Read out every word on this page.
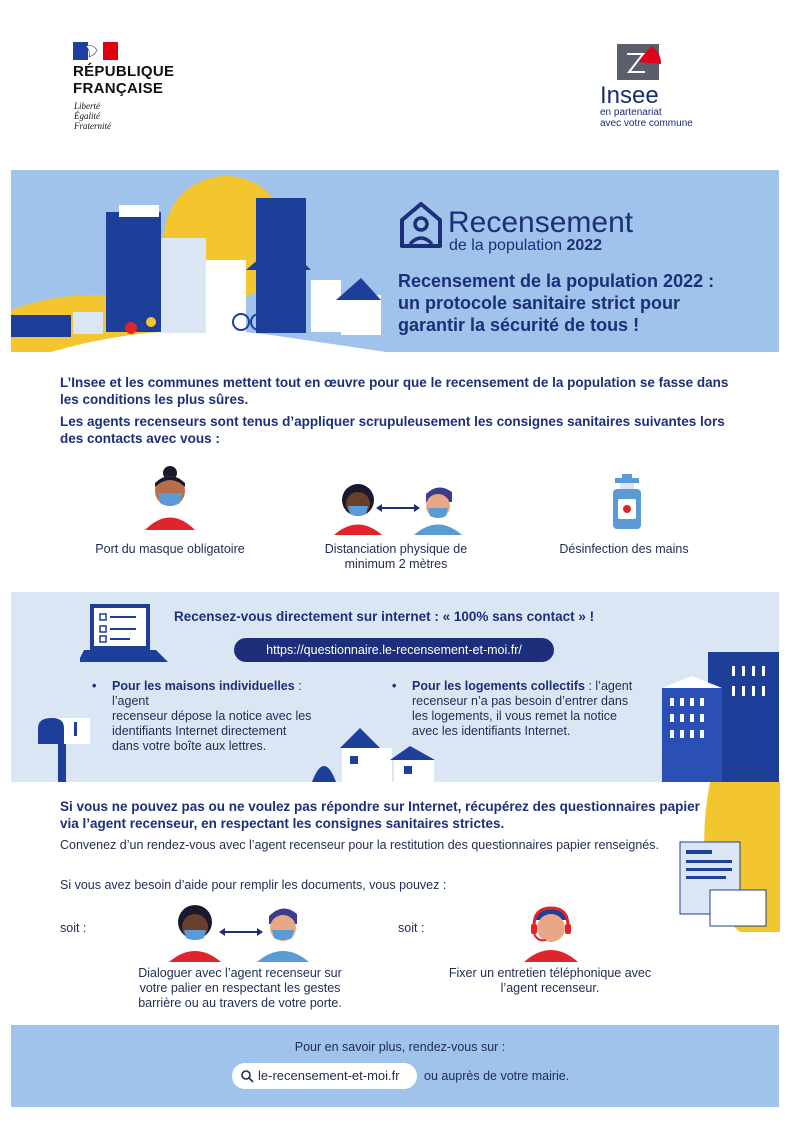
RÉPUBLIQUE
FRANÇAISE
Liberté
Égalité
Fraternité
Insee
en partenariat
avec votre commune
Recensement
de la population 2022
Recensement de la population 2022 :
un protocole sanitaire strict pour
garantir la sécurité de tous !

L’Insee et les communes mettent tout en œuvre pour que le recensement de la population se fasse dans les conditions les plus sûres.

Les agents recenseurs sont tenus d’appliquer scrupuleusement les consignes sanitaires suivantes lors des contacts avec vous :

Port du masque obligatoire	Distanciation physique de
minimum 2 mètres
Désinfection des mains
Recensez-vous directement sur internet : « 100% sans contact » !
https://questionnaire.le-recensement-et-moi.fr/
• Pour les maisons individuelles : l’agent
recenseur dépose la notice avec les
identifiants Internet directement
dans votre boîte aux lettres.
• Pour les logements collectifs : l’agent
recenseur n’a pas besoin d’entrer dans
les logements, il vous remet la notice
avec les identifiants Internet.
Si vous ne pouvez pas ou ne voulez pas répondre sur Internet, récupérez des questionnaires papier via l’agent recenseur, en respectant les consignes sanitaires strictes.
Convenez d’un rendez-vous avec l’agent recenseur pour la restitution des questionnaires papier renseignés.
Si vous avez besoin d’aide pour remplir les documents, vous pouvez :
soit :
Dialoguer avec l’agent recenseur sur
votre palier en respectant les gestes
barrière ou au travers de votre porte.
soit :
Fixer un entretien téléphonique avec
l’agent recenseur.
Pour en savoir plus, rendez-vous sur :
le-recensement-et-moi.fr ou auprès de votre mairie.
